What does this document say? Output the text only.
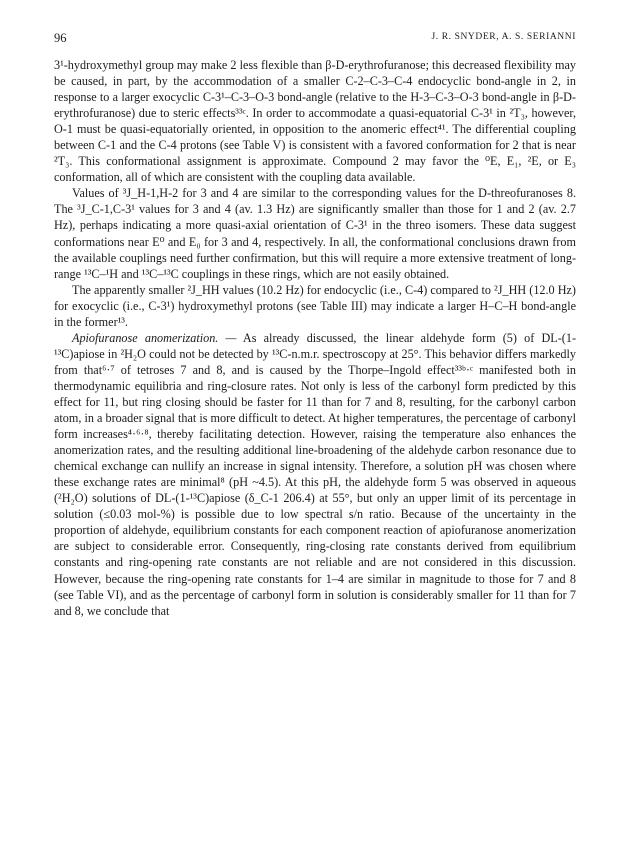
96	J. R. SNYDER, A. S. SERIANNI

3¹-hydroxymethyl group may make 2 less flexible than β-D-erythrofuranose; this decreased flexibility may be caused, in part, by the accommodation of a smaller C-2–C-3–C-4 endocyclic bond-angle in 2, in response to a larger exocyclic C-3¹–C-3–O-3 bond-angle (relative to the H-3–C-3–O-3 bond-angle in β-D-erythrofuranose) due to steric effects³³ᶜ. In order to accommodate a quasi-equatorial C-3¹ in ²T₃, however, O-1 must be quasi-equatorially oriented, in opposition to the anomeric effect⁴¹. The differential coupling between C-1 and the C-4 protons (see Table V) is consistent with a favored conformation for 2 that is near ²T₃. This conformational assignment is approximate. Compound 2 may favor the ⁰E, E₁, ²E, or E₃ conformation, all of which are consistent with the coupling data available.

Values of ³J_H-1,H-2 for 3 and 4 are similar to the corresponding values for the D-threofuranoses 8. The ³J_C-1,C-3¹ values for 3 and 4 (av. 1.3 Hz) are significantly smaller than those for 1 and 2 (av. 2.7 Hz), perhaps indicating a more quasi-axial orientation of C-3¹ in the threo isomers. These data suggest conformations near E⁰ and E₀ for 3 and 4, respectively. In all, the conformational conclusions drawn from the available couplings need further confirmation, but this will require a more extensive treatment of long-range ¹³C–¹H and ¹³C–¹³C couplings in these rings, which are not easily obtained.

The apparently smaller ²J_HH values (10.2 Hz) for endocyclic (i.e., C-4) compared to ²J_HH (12.0 Hz) for exocyclic (i.e., C-3¹) hydroxymethyl protons (see Table III) may indicate a larger H–C–H bond-angle in the former¹³.

Apiofuranose anomerization. — As already discussed, the linear aldehyde form (5) of DL-(1-¹³C)apiose in ²H₂O could not be detected by ¹³C-n.m.r. spectroscopy at 25°. This behavior differs markedly from that⁶·⁷ of tetroses 7 and 8, and is caused by the Thorpe–Ingold effect³³ᵇ·ᶜ manifested both in thermodynamic equilibria and ring-closure rates. Not only is less of the carbonyl form predicted by this effect for 11, but ring closing should be faster for 11 than for 7 and 8, resulting, for the carbonyl carbon atom, in a broader signal that is more difficult to detect. At higher temperatures, the percentage of carbonyl form increases⁴·⁶·⁸, thereby facilitating detection. However, raising the temperature also enhances the anomerization rates, and the resulting additional line-broadening of the aldehyde carbon resonance due to chemical exchange can nullify an increase in signal intensity. Therefore, a solution pH was chosen where these exchange rates are minimal⁸ (pH ~4.5). At this pH, the aldehyde form 5 was observed in aqueous (²H₂O) solutions of DL-(1-¹³C)apiose (δ_C-1 206.4) at 55°, but only an upper limit of its percentage in solution (≤0.03 mol-%) is possible due to low spectral s/n ratio. Because of the uncertainty in the proportion of aldehyde, equilibrium constants for each component reaction of apiofuranose anomerization are subject to considerable error. Consequently, ring-closing rate constants derived from equilibrium constants and ring-opening rate constants are not reliable and are not considered in this discussion. However, because the ring-opening rate constants for 1–4 are similar in magnitude to those for 7 and 8 (see Table VI), and as the percentage of carbonyl form in solution is considerably smaller for 11 than for 7 and 8, we conclude that
